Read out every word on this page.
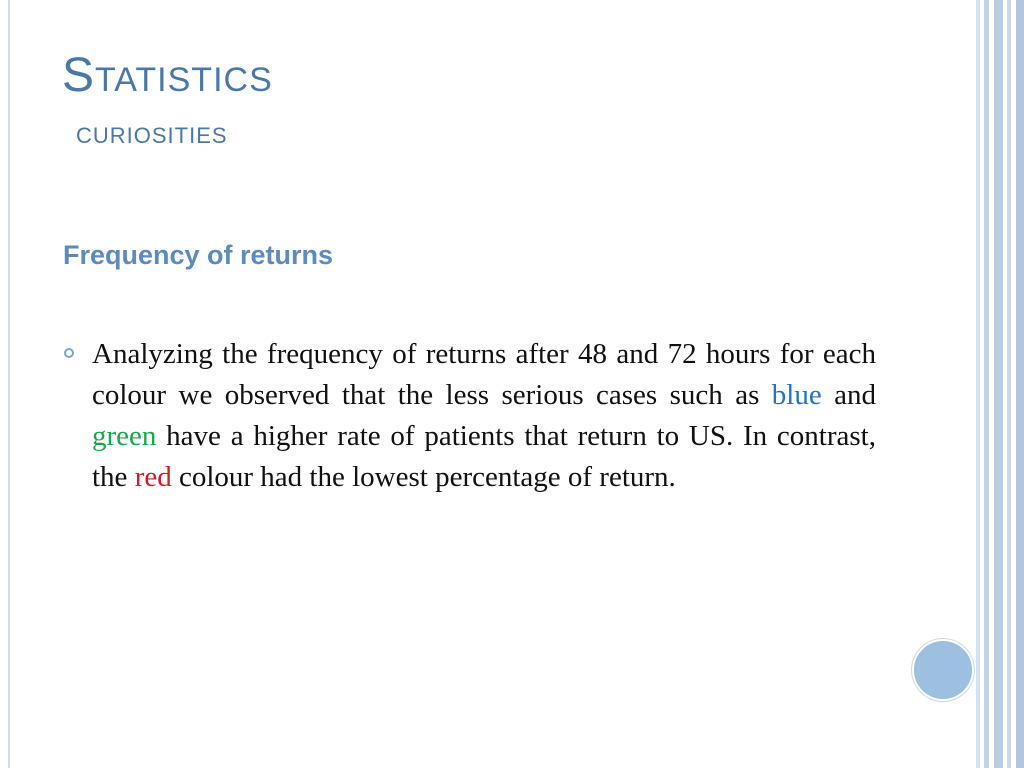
Statistics
curiosities
Frequency of returns

Analyzing the frequency of returns after 48 and 72 hours for each colour we observed that the less serious cases such as blue and green have a higher rate of patients that return to US. In contrast, the red colour had the lowest percentage of return.
